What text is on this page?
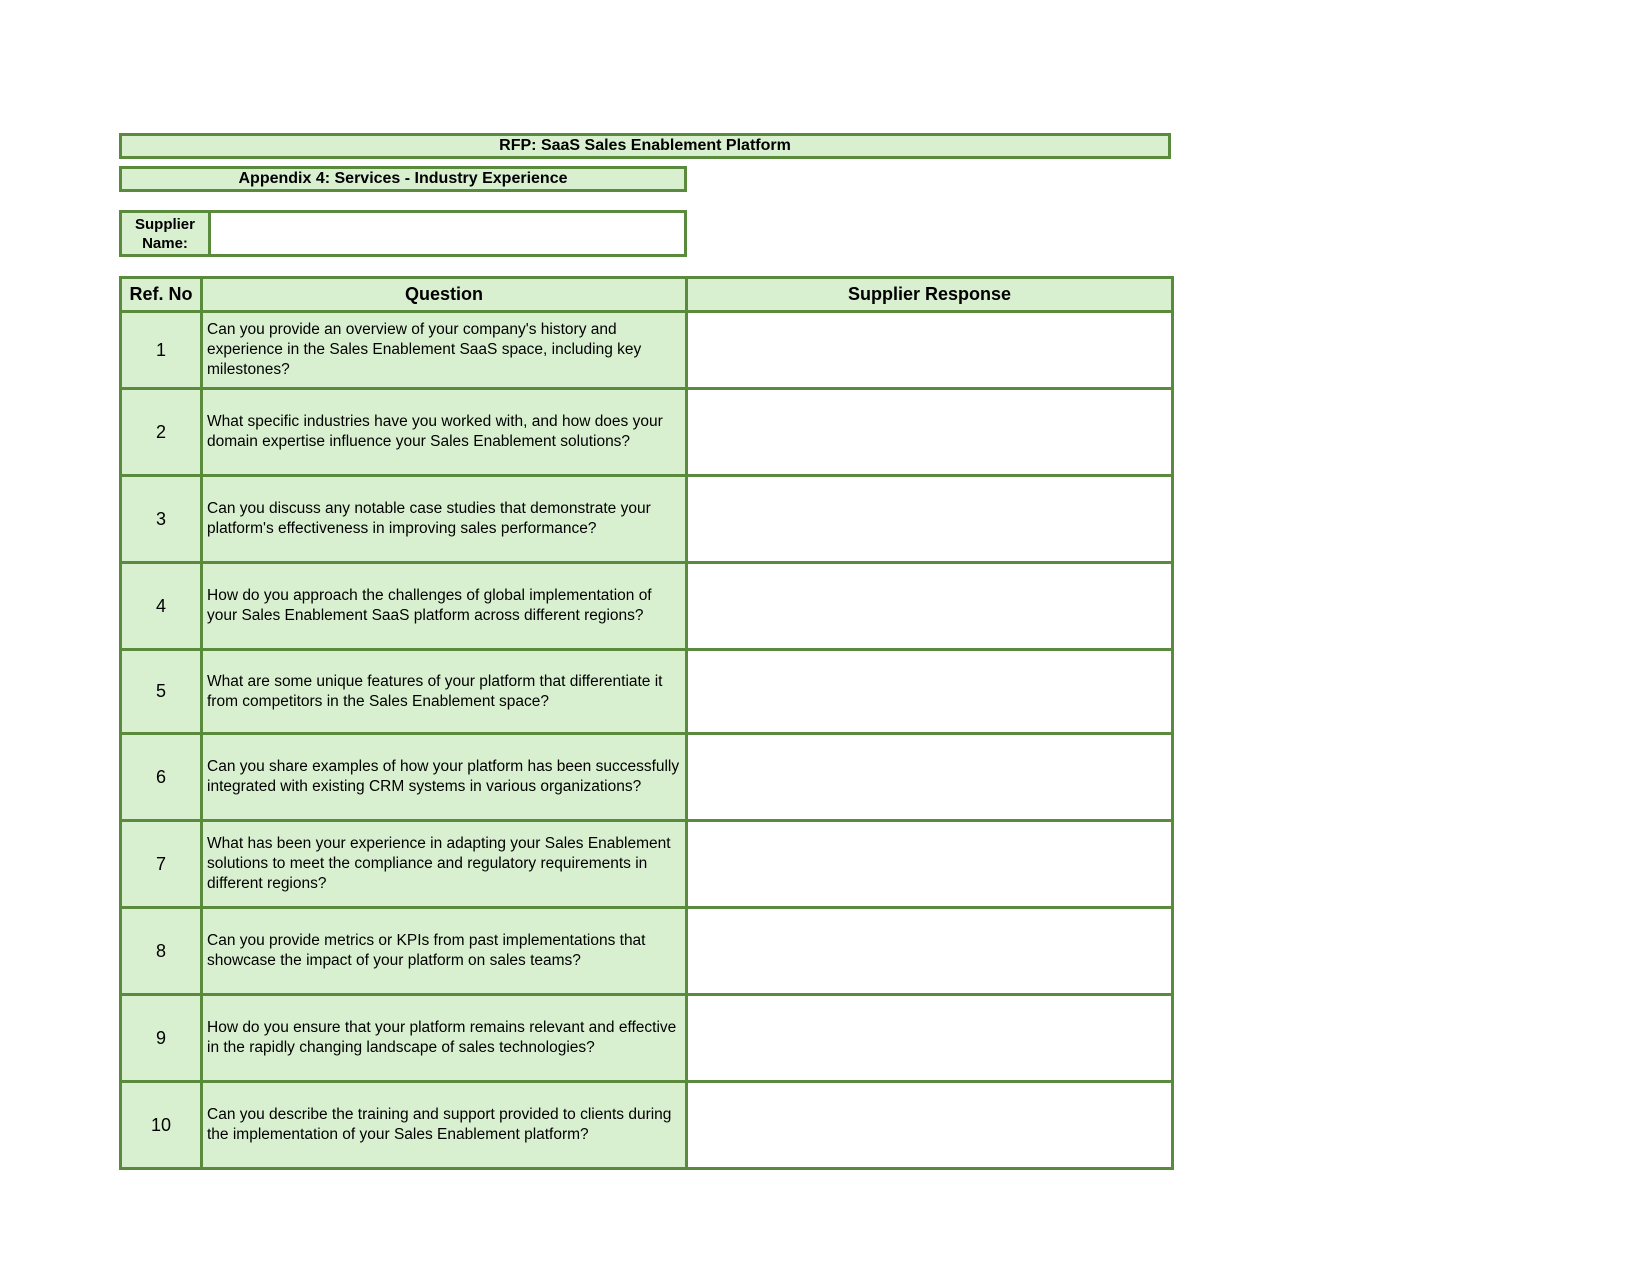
RFP: SaaS Sales Enablement Platform
Appendix 4: Services - Industry Experience
Supplier Name:
Ref. No	Question	Supplier Response
1	Can you provide an overview of your company's history and experience in the Sales Enablement SaaS space, including key milestones?	
2	What specific industries have you worked with, and how does your domain expertise influence your Sales Enablement solutions?	
3	Can you discuss any notable case studies that demonstrate your platform's effectiveness in improving sales performance?	
4	How do you approach the challenges of global implementation of your Sales Enablement SaaS platform across different regions?	
5	What are some unique features of your platform that differentiate it from competitors in the Sales Enablement space?	
6	Can you share examples of how your platform has been successfully integrated with existing CRM systems in various organizations?	
7	What has been your experience in adapting your Sales Enablement solutions to meet the compliance and regulatory requirements in different regions?	
8	Can you provide metrics or KPIs from past implementations that showcase the impact of your platform on sales teams?	
9	How do you ensure that your platform remains relevant and effective in the rapidly changing landscape of sales technologies?	
10	Can you describe the training and support provided to clients during the implementation of your Sales Enablement platform?	
